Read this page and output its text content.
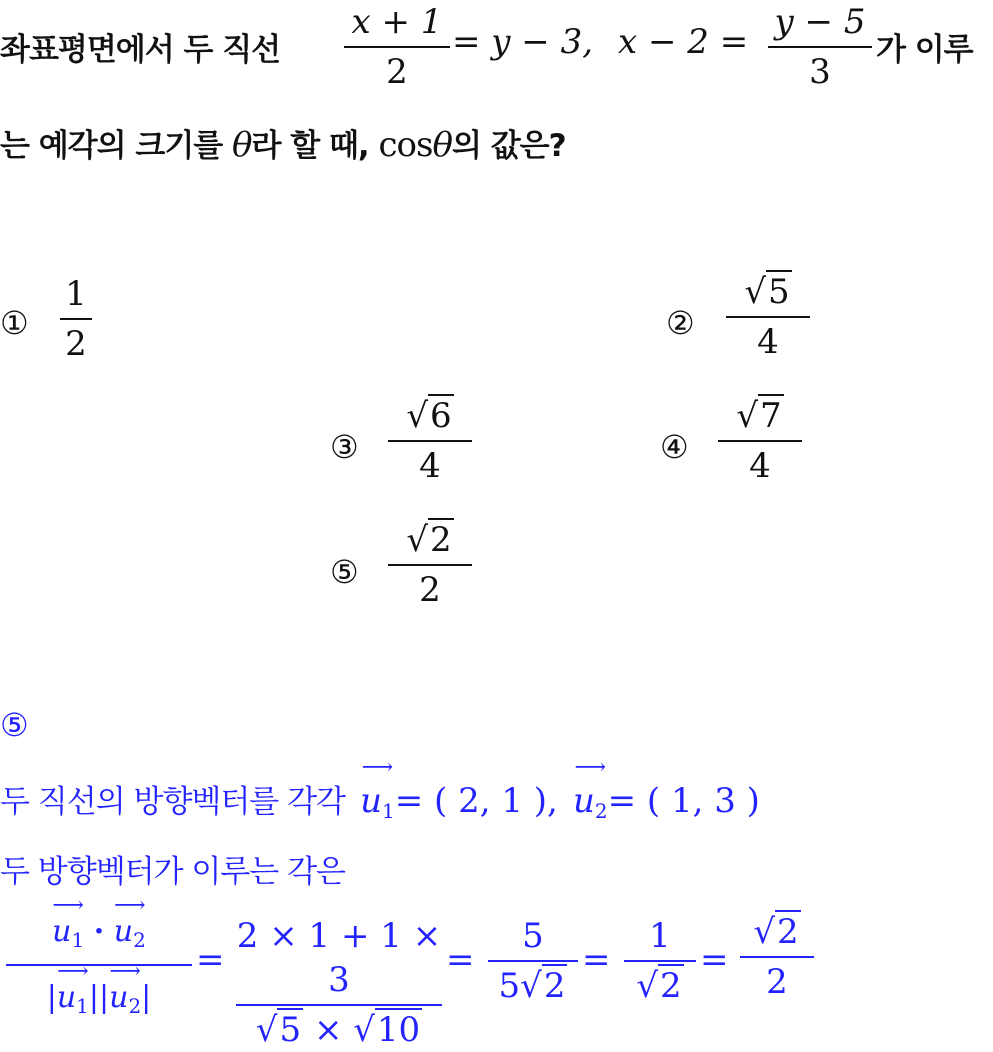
좌표평면에서 두 직선
x + 1
2
= y − 3, x − 2 = y − 5
3
가 이루
는 예각의 크기를 θ라 할 때, cosθ의 값은?
①
1
2
②
√5
4
③
√6
4	④
√7
4
⑤
√2
2
⑤
두 직선의 방향벡터를 각각
⟶
$u_1=$ ( 2, 1 ),
⟶
$u_2=$ ( 1, 3 )
두 방향벡터가 이루는 각은
⟶
$u_1$ ·
⟶
$u_2$
|
⟶
$u_1||$
⟶
$u_2|$
=
2 × 1 + 1 × 3
√5 × √10
=
5
5√2
=
1
√2
=
√2
2
